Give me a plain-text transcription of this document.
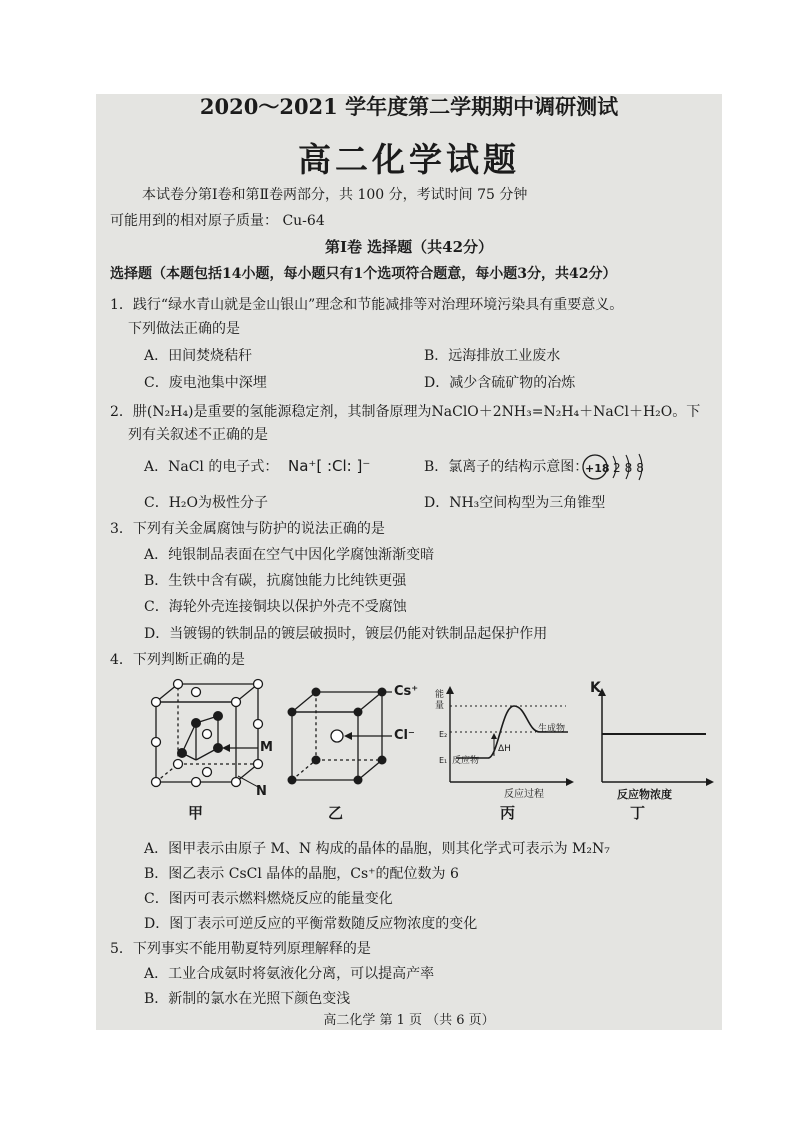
2020～2021 学年度第二学期期中调研测试
高二化学试题
本试卷分第Ⅰ卷和第Ⅱ卷两部分，共 100 分，考试时间 75 分钟
可能用到的相对原子质量： Cu-64
第Ⅰ卷 选择题（共42分）
选择题（本题包括14小题，每小题只有1个选项符合题意，每小题3分，共42分）
1．践行“绿水青山就是金山银山”理念和节能减排等对治理环境污染具有重要意义。
下列做法正确的是
A．田间焚烧秸秆	B．远海排放工业废水
C．废电池集中深埋	D．减少含硫矿物的冶炼
2．肼(N₂H₄)是重要的氢能源稳定剂，其制备原理为NaClO＋2NH₃=N₂H₄＋NaCl＋H₂O。下
列有关叙述不正确的是
A．NaCl 的电子式： Na⁺[ :Cl: ]⁻	B．氯离子的结构示意图：
+18 288
C．H₂O为极性分子	D．NH₃空间构型为三角锥型
3．下列有关金属腐蚀与防护的说法正确的是
A．纯银制品表面在空气中因化学腐蚀渐渐变暗
B．生铁中含有碳，抗腐蚀能力比纯铁更强
C．海轮外壳连接铜块以保护外壳不受腐蚀
D．当镀锡的铁制品的镀层破损时，镀层仍能对铁制品起保护作用
4．下列判断正确的是
M
N
甲
Cs⁺
Cl⁻
乙
能量
E₂
E₁ 反应物
ΔH
生成物
反应过程
丙
K
反应物浓度
丁
A．图甲表示由原子 M、N 构成的晶体的晶胞，则其化学式可表示为 M₂N₇
B．图乙表示 CsCl 晶体的晶胞，Cs⁺的配位数为 6
C．图丙可表示燃料燃烧反应的能量变化
D．图丁表示可逆反应的平衡常数随反应物浓度的变化
5．下列事实不能用勒夏特列原理解释的是
A．工业合成氨时将氨液化分离，可以提高产率
B．新制的氯水在光照下颜色变浅
高二化学 第 1 页 （共 6 页）
